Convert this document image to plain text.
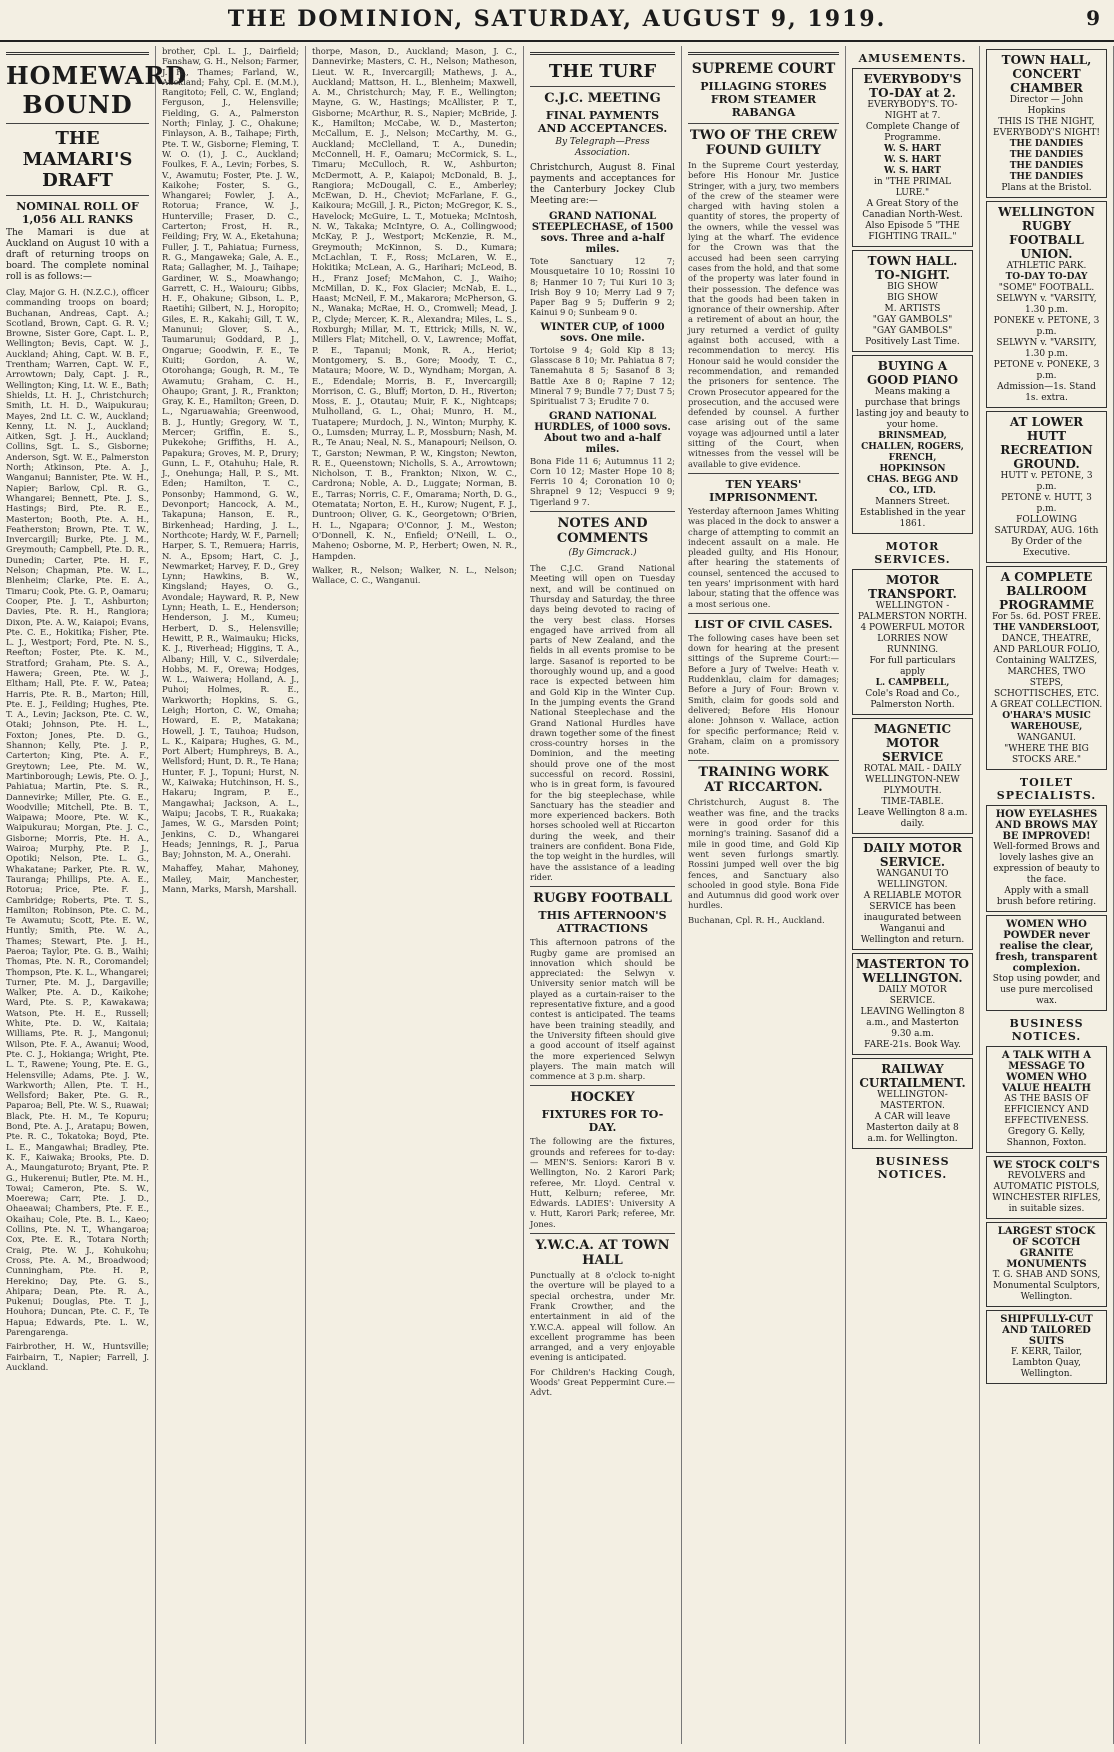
THE DOMINION, SATURDAY, AUGUST 9, 1919.	9
HOMEWARD BOUND
THE MAMARI'S DRAFT
NOMINAL ROLL OF 1,056 ALL RANKS

The Mamari is due at Auckland on August 10 with a draft of returning troops on board. The complete nominal roll is as follows:—

Clay, Major G. H. (N.Z.C.), officer commanding troops on board; Buchanan, Andreas, Capt. A.; Scotland, Brown, Capt. G. R. V.; Browne, Sister Gore, Capt. L. P., Wellington; Bevis, Capt. W. J., Auckland; Ahing, Capt. W. B. F., Trentham; Warren, Capt. W. F., Arrowtown; Daly, Capt. J. R., Wellington; King, Lt. W. E., Bath; Shields, Lt. H. J., Christchurch; Smith, Lt. H. D., Waipukurau; Mayes, 2nd Lt. C. W., Auckland; Kenny, Lt. N. J., Auckland; Aitken, Sgt. J. H., Auckland; Collins, Sgt. L. S., Gisborne; Anderson, Sgt. W. E., Palmerston North; Atkinson, Pte. A. J., Wanganui; Bannister, Pte. W. H., Napier; Barlow, Cpl. R. G., Whangarei; Bennett, Pte. J. S., Hastings; Bird, Pte. R. E., Masterton; Booth, Pte. A. H., Featherston; Brown, Pte. T. W., Invercargill; Burke, Pte. J. M., Greymouth; Campbell, Pte. D. R., Dunedin; Carter, Pte. H. F., Nelson; Chapman, Pte. W. L., Blenheim; Clarke, Pte. E. A., Timaru; Cook, Pte. G. P., Oamaru; Cooper, Pte. J. T., Ashburton; Davies, Pte. R. H., Rangiora; Dixon, Pte. A. W., Kaiapoi; Evans, Pte. C. E., Hokitika; Fisher, Pte. L. J., Westport; Ford, Pte. N. S., Reefton; Foster, Pte. K. M., Stratford; Graham, Pte. S. A., Hawera; Green, Pte. W. J., Eltham; Hall, Pte. F. W., Patea; Harris, Pte. R. B., Marton; Hill, Pte. E. J., Feilding; Hughes, Pte. T. A., Levin; Jackson, Pte. C. W., Otaki; Johnson, Pte. H. L., Foxton; Jones, Pte. D. G., Shannon; Kelly, Pte. J. P., Carterton; King, Pte. A. F., Greytown; Lee, Pte. M. W., Martinborough; Lewis, Pte. O. J., Pahiatua; Martin, Pte. S. R., Dannevirke; Miller, Pte. G. E., Woodville; Mitchell, Pte. B. T., Waipawa; Moore, Pte. W. K., Waipukurau; Morgan, Pte. J. C., Gisborne; Morris, Pte. H. A., Wairoa; Murphy, Pte. P. J., Opotiki; Nelson, Pte. L. G., Whakatane; Parker, Pte. R. W., Tauranga; Phillips, Pte. A. E., Rotorua; Price, Pte. F. J., Cambridge; Roberts, Pte. T. S., Hamilton; Robinson, Pte. C. M., Te Awamutu; Scott, Pte. E. W., Huntly; Smith, Pte. W. A., Thames; Stewart, Pte. J. H., Paeroa; Taylor, Pte. G. B., Waihi; Thomas, Pte. N. R., Coromandel; Thompson, Pte. K. L., Whangarei; Turner, Pte. M. J., Dargaville; Walker, Pte. A. D., Kaikohe; Ward, Pte. S. P., Kawakawa; Watson, Pte. H. E., Russell; White, Pte. D. W., Kaitaia; Williams, Pte. R. J., Mangonui; Wilson, Pte. F. A., Awanui; Wood, Pte. C. J., Hokianga; Wright, Pte. L. T., Rawene; Young, Pte. E. G., Helensville; Adams, Pte. J. W., Warkworth; Allen, Pte. T. H., Wellsford; Baker, Pte. G. R., Paparoa; Bell, Pte. W. S., Ruawai; Black, Pte. H. M., Te Kopuru; Bond, Pte. A. J., Aratapu; Bowen, Pte. R. C., Tokatoka; Boyd, Pte. L. E., Mangawhai; Bradley, Pte. K. F., Kaiwaka; Brooks, Pte. D. A., Maungaturoto; Bryant, Pte. P. G., Hukerenui; Butler, Pte. M. H., Towai; Cameron, Pte. S. W., Moerewa; Carr, Pte. J. D., Ohaeawai; Chambers, Pte. F. E., Okaihau; Cole, Pte. B. L., Kaeo; Collins, Pte. N. T., Whangaroa; Cox, Pte. E. R., Totara North; Craig, Pte. W. J., Kohukohu; Cross, Pte. A. M., Broadwood; Cunningham, Pte. H. P., Herekino; Day, Pte. G. S., Ahipara; Dean, Pte. R. A., Pukenui; Douglas, Pte. T. J., Houhora; Duncan, Pte. C. F., Te Hapua; Edwards, Pte. L. W., Parengarenga.

Fairbrother, H. W., Huntsville; Fairbairn, T., Napier; Farrell, J. Auckland.

brother, Cpl. L. J., Dairfield; Fanshaw, G. H., Nelson; Farmer, J. H., Thames; Farland, W., Auckland; Fahy, Cpl. E. (M.M.), Rangitoto; Fell, C. W., England; Ferguson, J., Helensville; Fielding, G. A., Palmerston North; Finlay, J. C., Ohakune; Finlayson, A. B., Taihape; Firth, Pte. T. W., Gisborne; Fleming, T. W. O. (1), J. C., Auckland; Foulkes, F. A., Levin; Forbes, S. V., Awamutu; Foster, Pte. J. W., Kaikohe; Foster, S. G., Whangarei; Fowler, J. A., Rotorua; France, W. J., Hunterville; Fraser, D. C., Carterton; Frost, H. R., Feilding; Fry, W. A., Eketahuna; Fuller, J. T., Pahiatua; Furness, R. G., Mangaweka; Gale, A. E., Rata; Gallagher, M. J., Taihape; Gardiner, W. S., Moawhango; Garrett, C. H., Waiouru; Gibbs, H. F., Ohakune; Gibson, L. P., Raetihi; Gilbert, N. J., Horopito; Giles, E. R., Kakahi; Gill, T. W., Manunui; Glover, S. A., Taumarunui; Goddard, P. J., Ongarue; Goodwin, F. E., Te Kuiti; Gordon, A. W., Otorohanga; Gough, R. M., Te Awamutu; Graham, C. H., Ohaupo; Grant, J. R., Frankton; Gray, K. E., Hamilton; Green, D. L., Ngaruawahia; Greenwood, B. J., Huntly; Gregory, W. T., Mercer; Griffin, E. S., Pukekohe; Griffiths, H. A., Papakura; Groves, M. P., Drury; Gunn, L. F., Otahuhu; Hale, R. J., Onehunga; Hall, P. S., Mt. Eden; Hamilton, T. C., Ponsonby; Hammond, G. W., Devonport; Hancock, A. M., Takapuna; Hanson, E. R., Birkenhead; Harding, J. L., Northcote; Hardy, W. F., Parnell; Harper, S. T., Remuera; Harris, N. A., Epsom; Hart, C. J., Newmarket; Harvey, F. D., Grey Lynn; Hawkins, B. W., Kingsland; Hayes, O. G., Avondale; Hayward, R. P., New Lynn; Heath, L. E., Henderson; Henderson, J. M., Kumeu; Herbert, D. S., Helensville; Hewitt, P. R., Waimauku; Hicks, K. J., Riverhead; Higgins, T. A., Albany; Hill, V. C., Silverdale; Hobbs, M. F., Orewa; Hodges, W. L., Waiwera; Holland, A. J., Puhoi; Holmes, R. E., Warkworth; Hopkins, S. G., Leigh; Horton, C. W., Omaha; Howard, E. P., Matakana; Howell, J. T., Tauhoa; Hudson, L. K., Kaipara; Hughes, G. M., Port Albert; Humphreys, B. A., Wellsford; Hunt, D. R., Te Hana; Hunter, F. J., Topuni; Hurst, N. W., Kaiwaka; Hutchinson, H. S., Hakaru; Ingram, P. E., Mangawhai; Jackson, A. L., Waipu; Jacobs, T. R., Ruakaka; James, W. G., Marsden Point; Jenkins, C. D., Whangarei Heads; Jennings, R. J., Parua Bay; Johnston, M. A., Onerahi.

Mahaffey, Mahar, Mahoney, Mailey, Mair, Manchester, Mann, Marks, Marsh, Marshall.

thorpe, Mason, D., Auckland; Mason, J. C., Dannevirke; Masters, C. H., Nelson; Matheson, Lieut. W. R., Invercargill; Mathews, J. A., Auckland; Mattson, H. L., Blenheim; Maxwell, A. M., Christchurch; May, F. E., Wellington; Mayne, G. W., Hastings; McAllister, P. T., Gisborne; McArthur, R. S., Napier; McBride, J. K., Hamilton; McCabe, W. D., Masterton; McCallum, E. J., Nelson; McCarthy, M. G., Auckland; McClelland, T. A., Dunedin; McConnell, H. F., Oamaru; McCormick, S. L., Timaru; McCulloch, R. W., Ashburton; McDermott, A. P., Kaiapoi; McDonald, B. J., Rangiora; McDougall, C. E., Amberley; McEwan, D. H., Cheviot; McFarlane, F. G., Kaikoura; McGill, J. R., Picton; McGregor, K. S., Havelock; McGuire, L. T., Motueka; McIntosh, N. W., Takaka; McIntyre, O. A., Collingwood; McKay, P. J., Westport; McKenzie, R. M., Greymouth; McKinnon, S. D., Kumara; McLachlan, T. F., Ross; McLaren, W. E., Hokitika; McLean, A. G., Harihari; McLeod, B. H., Franz Josef; McMahon, C. J., Waiho; McMillan, D. K., Fox Glacier; McNab, E. L., Haast; McNeil, F. M., Makarora; McPherson, G. N., Wanaka; McRae, H. O., Cromwell; Mead, J. P., Clyde; Mercer, K. R., Alexandra; Miles, L. S., Roxburgh; Millar, M. T., Ettrick; Mills, N. W., Millers Flat; Mitchell, O. V., Lawrence; Moffat, P. E., Tapanui; Monk, R. A., Heriot; Montgomery, S. B., Gore; Moody, T. C., Mataura; Moore, W. D., Wyndham; Morgan, A. E., Edendale; Morris, B. F., Invercargill; Morrison, C. G., Bluff; Morton, D. H., Riverton; Moss, E. J., Otautau; Muir, F. K., Nightcaps; Mulholland, G. L., Ohai; Munro, H. M., Tuatapere; Murdoch, J. N., Winton; Murphy, K. O., Lumsden; Murray, L. P., Mossburn; Nash, M. R., Te Anau; Neal, N. S., Manapouri; Neilson, O. T., Garston; Newman, P. W., Kingston; Newton, R. E., Queenstown; Nicholls, S. A., Arrowtown; Nicholson, T. B., Frankton; Nixon, W. C., Cardrona; Noble, A. D., Luggate; Norman, B. E., Tarras; Norris, C. F., Omarama; North, D. G., Otematata; Norton, E. H., Kurow; Nugent, F. J., Duntroon; Oliver, G. K., Georgetown; O'Brien, H. L., Ngapara; O'Connor, J. M., Weston; O'Donnell, K. N., Enfield; O'Neill, L. O., Maheno; Osborne, M. P., Herbert; Owen, N. R., Hampden.

Walker, R., Nelson; Walker, N. L., Nelson; Wallace, C. C., Wanganui.

THE TURF
C.J.C. MEETING
FINAL PAYMENTS AND ACCEPTANCES.

By Telegraph—Press Association.

Christchurch, August 8. Final payments and acceptances for the Canterbury Jockey Club Meeting are:—

GRAND NATIONAL STEEPLECHASE, of 1500 sovs. Three and a-half miles.

Tote Sanctuary 12 7; Mousquetaire 10 10; Rossini 10 8; Hanmer 10 7; Tui Kuri 10 3; Irish Boy 9 10; Merry Lad 9 7; Paper Bag 9 5; Dufferin 9 2; Kainui 9 0; Sunbeam 9 0.

WINTER CUP, of 1000 sovs. One mile.

Tortoise 9 4; Gold Kip 8 13; Glasscase 8 10; Mr. Pahiatua 8 7; Tanemahuta 8 5; Sasanof 8 3; Battle Axe 8 0; Rapine 7 12; Mineral 7 9; Bundle 7 7; Dust 7 5; Spiritualist 7 3; Erudite 7 0.

GRAND NATIONAL HURDLES, of 1000 sovs. About two and a-half miles.

Bona Fide 11 6; Autumnus 11 2; Corn 10 12; Master Hope 10 8; Ferris 10 4; Coronation 10 0; Shrapnel 9 12; Vespucci 9 9; Tigerland 9 7.

NOTES AND COMMENTS

(By Gimcrack.)

The C.J.C. Grand National Meeting will open on Tuesday next, and will be continued on Thursday and Saturday, the three days being devoted to racing of the very best class. Horses engaged have arrived from all parts of New Zealand, and the fields in all events promise to be large. Sasanof is reported to be thoroughly wound up, and a good race is expected between him and Gold Kip in the Winter Cup. In the jumping events the Grand National Steeplechase and the Grand National Hurdles have drawn together some of the finest cross-country horses in the Dominion, and the meeting should prove one of the most successful on record. Rossini, who is in great form, is favoured for the big steeplechase, while Sanctuary has the steadier and more experienced backers. Both horses schooled well at Riccarton during the week, and their trainers are confident. Bona Fide, the top weight in the hurdles, will have the assistance of a leading rider.

RUGBY FOOTBALL
THIS AFTERNOON'S ATTRACTIONS

This afternoon patrons of the Rugby game are promised an innovation which should be appreciated: the Selwyn v. University senior match will be played as a curtain-raiser to the representative fixture, and a good contest is anticipated. The teams have been training steadily, and the University fifteen should give a good account of itself against the more experienced Selwyn players. The main match will commence at 3 p.m. sharp.

HOCKEY
FIXTURES FOR TO-DAY.

The following are the fixtures, grounds and referees for to-day:— MEN'S. Seniors: Karori B v. Wellington, No. 2 Karori Park; referee, Mr. Lloyd. Central v. Hutt, Kelburn; referee, Mr. Edwards. LADIES': University A v. Hutt, Karori Park; referee, Mr. Jones.

Y.W.C.A. AT TOWN HALL

Punctually at 8 o'clock to-night the overture will be played to a special orchestra, under Mr. Frank Crowther, and the entertainment in aid of the Y.W.C.A. appeal will follow. An excellent programme has been arranged, and a very enjoyable evening is anticipated.

For Children's Hacking Cough, Woods' Great Peppermint Cure.—Advt.

SUPREME COURT
PILLAGING STORES FROM STEAMER RABANGA
TWO OF THE CREW FOUND GUILTY

In the Supreme Court yesterday, before His Honour Mr. Justice Stringer, with a jury, two members of the crew of the steamer were charged with having stolen a quantity of stores, the property of the owners, while the vessel was lying at the wharf. The evidence for the Crown was that the accused had been seen carrying cases from the hold, and that some of the property was later found in their possession. The defence was that the goods had been taken in ignorance of their ownership. After a retirement of about an hour, the jury returned a verdict of guilty against both accused, with a recommendation to mercy. His Honour said he would consider the recommendation, and remanded the prisoners for sentence. The Crown Prosecutor appeared for the prosecution, and the accused were defended by counsel. A further case arising out of the same voyage was adjourned until a later sitting of the Court, when witnesses from the vessel will be available to give evidence.

TEN YEARS' IMPRISONMENT.

Yesterday afternoon James Whiting was placed in the dock to answer a charge of attempting to commit an indecent assault on a male. He pleaded guilty, and His Honour, after hearing the statements of counsel, sentenced the accused to ten years' imprisonment with hard labour, stating that the offence was a most serious one.

LIST OF CIVIL CASES.

The following cases have been set down for hearing at the present sittings of the Supreme Court:— Before a Jury of Twelve: Heath v. Ruddenklau, claim for damages; Before a Jury of Four: Brown v. Smith, claim for goods sold and delivered; Before His Honour alone: Johnson v. Wallace, action for specific performance; Reid v. Graham, claim on a promissory note.

TRAINING WORK AT RICCARTON.

Christchurch, August 8. The weather was fine, and the tracks were in good order for this morning's training. Sasanof did a mile in good time, and Gold Kip went seven furlongs smartly. Rossini jumped well over the big fences, and Sanctuary also schooled in good style. Bona Fide and Autumnus did good work over hurdles.

Buchanan, Cpl. R. H., Auckland.

AMUSEMENTS.
EVERYBODY'S TO-DAY at 2.
EVERYBODY'S. TO-NIGHT at 7.
Complete Change of Programme.
W. S. HART
W. S. HART
W. S. HART
in "THE PRIMAL LURE."
A Great Story of the Canadian North-West.
Also Episode 5 "THE FIGHTING TRAIL."
TOWN HALL. TO-NIGHT.
BIG SHOW
BIG SHOW
M. ARTISTS
"GAY GAMBOLS"
"GAY GAMBOLS"
Positively Last Time.
BUYING A GOOD PIANO
Means making a purchase that brings lasting joy and beauty to your home.
BRINSMEAD, CHALLEN, ROGERS, FRENCH, HOPKINSON
CHAS. BEGG AND CO., LTD.
Manners Street. Established in the year 1861.
MOTOR SERVICES.
MOTOR TRANSPORT.
WELLINGTON - PALMERSTON NORTH.
4 POWERFUL MOTOR LORRIES NOW RUNNING.
For full particulars apply
L. CAMPBELL,
Cole's Road and Co., Palmerston North.
MAGNETIC MOTOR SERVICE
ROTAL MAIL - DAILY
WELLINGTON-NEW PLYMOUTH.
TIME-TABLE.
Leave Wellington 8 a.m. daily.
DAILY MOTOR SERVICE.
WANGANUI TO WELLINGTON.
A RELIABLE MOTOR SERVICE has been inaugurated between Wanganui and Wellington and return.
MASTERTON TO WELLINGTON.
DAILY MOTOR SERVICE.
LEAVING Wellington 8 a.m., and Masterton 9.30 a.m.
FARE-21s. Book Way.
RAILWAY CURTAILMENT.
WELLINGTON-MASTERTON.
A CAR will leave Masterton daily at 8 a.m. for Wellington.
BUSINESS NOTICES.
TOWN HALL, CONCERT CHAMBER
Director — John Hopkins
THIS IS THE NIGHT,
EVERYBODY'S NIGHT!
THE DANDIES
THE DANDIES
THE DANDIES
THE DANDIES
Plans at the Bristol.
WELLINGTON RUGBY FOOTBALL UNION.
ATHLETIC PARK.
TO-DAY TO-DAY
"SOME" FOOTBALL.
SELWYN v. "VARSITY, 1.30 p.m.
PONEKE v. PETONE, 3 p.m.
SELWYN v. "VARSITY, 1.30 p.m.
PETONE v. PONEKE, 3 p.m.
Admission—1s. Stand 1s. extra.
AT LOWER HUTT RECREATION GROUND.
HUTT v. PETONE, 3 p.m.
PETONE v. HUTT, 3 p.m.
FOLLOWING SATURDAY, AUG. 16th
By Order of the Executive.
A COMPLETE BALLROOM PROGRAMME
For 5s. 6d. POST FREE.
THE VANDERSLOOT,
DANCE, THEATRE, AND PARLOUR FOLIO,
Containing WALTZES, MARCHES, TWO STEPS, SCHOTTISCHES, ETC.
A GREAT COLLECTION.
O'HARA'S MUSIC WAREHOUSE,
WANGANUI.
"WHERE THE BIG STOCKS ARE."
TOILET SPECIALISTS.
HOW EYELASHES AND BROWS MAY BE IMPROVED!
Well-formed Brows and lovely lashes give an expression of beauty to the face.
Apply with a small brush before retiring.
WOMEN WHO POWDER never realise the clear, fresh, transparent complexion.
Stop using powder, and use pure mercolised wax.
BUSINESS NOTICES.
A TALK WITH A MESSAGE TO WOMEN WHO VALUE HEALTH
AS THE BASIS OF EFFICIENCY AND EFFECTIVENESS.
Gregory G. Kelly, Shannon, Foxton.
WE STOCK COLT'S
REVOLVERS and AUTOMATIC PISTOLS, WINCHESTER RIFLES, in suitable sizes.
LARGEST STOCK OF SCOTCH GRANITE MONUMENTS
T. G. SHAB AND SONS,
Monumental Sculptors, Wellington.
SHIPFULLY-CUT AND TAILORED SUITS
F. KERR, Tailor,
Lambton Quay, Wellington.
